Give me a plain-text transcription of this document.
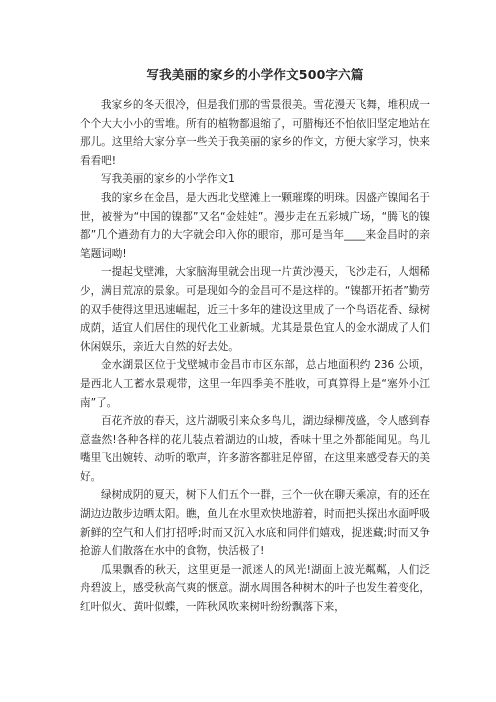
写我美丽的家乡的小学作文500字六篇

我家乡的冬天很冷，但是我们那的雪景很美。雪花漫天飞舞，堆积成一个个大大小小的雪堆。所有的植物都退缩了，可腊梅还不怕依旧坚定地站在那儿。这里给大家分享一些关于我美丽的家乡的作文，方便大家学习，快来看看吧!

写我美丽的家乡的小学作文1

我的家乡在金昌，是大西北戈壁滩上一颗璀璨的明珠。因盛产镍闻名于世，被誉为“中国的镍都”又名“金娃娃”。漫步走在五彩城广场，“腾飞的镍都”几个遒劲有力的大字就会印入你的眼帘，那可是当年____来金昌时的亲笔题词呦!

一提起戈壁滩，大家脑海里就会出现一片黄沙漫天，飞沙走石，人烟稀少，满目荒凉的景象。可是现如今的金昌可不是这样的。“镍都开拓者”勤劳的双手使得这里迅速崛起，近三十多年的建设这里成了一个鸟语花香、绿树成荫，适宜人们居住的现代化工业新城。尤其是景色宜人的金水湖成了人们休闲娱乐，亲近大自然的好去处。

金水湖景区位于戈壁城市金昌市市区东部，总占地面积约 236 公顷，是西北人工蓄水景观带，这里一年四季美不胜收，可真算得上是“塞外小江南”了。

百花齐放的春天，这片湖吸引来众多鸟儿，湖边绿柳茂盛，令人感到春意盎然!各种各样的花儿装点着湖边的山坡，香味十里之外都能闻见。鸟儿嘴里飞出婉转、动听的歌声，许多游客都驻足停留，在这里来感受春天的美好。

绿树成阴的夏天，树下人们五个一群，三个一伙在聊天乘凉，有的还在湖边边散步边晒太阳。瞧，鱼儿在水里欢快地游着，时而把头探出水面呼吸新鲜的空气和人们打招呼;时而又沉入水底和同伴们嬉戏，捉迷藏;时而又争抢游人们散落在水中的食物，快活极了!

瓜果飘香的秋天，这里更是一派迷人的风光!湖面上波光粼粼，人们泛舟碧波上，感受秋高气爽的惬意。湖水周围各种树木的叶子也发生着变化，红叶似火、黄叶似蝶，一阵秋风吹来树叶纷纷飘落下来，
